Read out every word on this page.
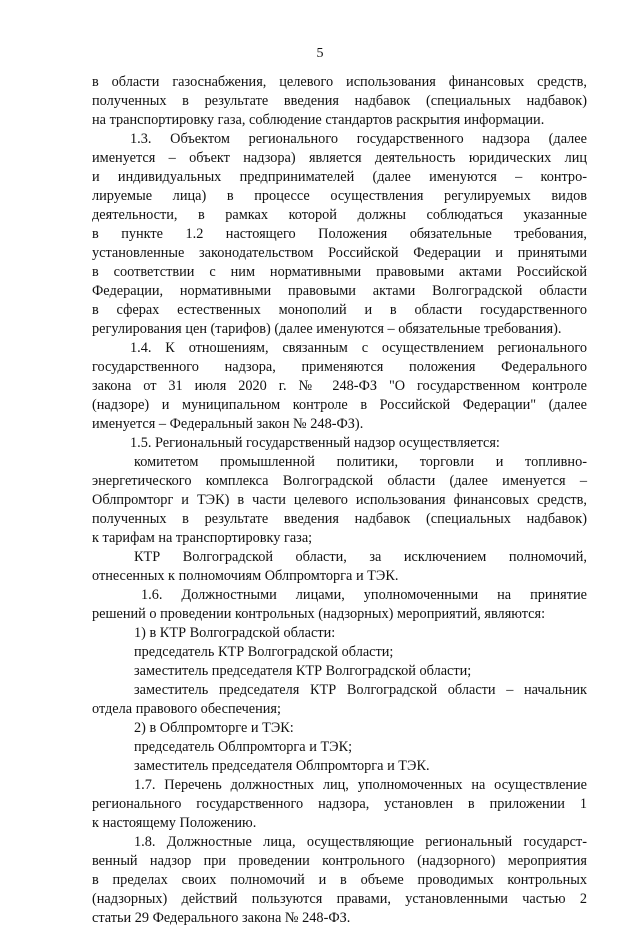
5
в области газоснабжения, целевого использования финансовых средств,
полученных в результате введения надбавок (специальных надбавок)
на транспортировку газа, соблюдение стандартов раскрытия информации.
1.3. Объектом регионального государственного надзора (далее
именуется – объект надзора) является деятельность юридических лиц
и индивидуальных предпринимателей (далее именуются – контро-
лируемые лица) в процессе осуществления регулируемых видов
деятельности, в рамках которой должны соблюдаться указанные
в пункте 1.2 настоящего Положения обязательные требования,
установленные законодательством Российской Федерации и принятыми
в соответствии с ним нормативными правовыми актами Российской
Федерации, нормативными правовыми актами Волгоградской области
в сферах естественных монополий и в области государственного
регулирования цен (тарифов) (далее именуются – обязательные требования).
1.4. К отношениям, связанным с осуществлением регионального
государственного надзора, применяются положения Федерального
закона от 31 июля 2020 г. № 248-ФЗ "О государственном контроле
(надзоре) и муниципальном контроле в Российской Федерации" (далее
именуется – Федеральный закон № 248-ФЗ).
1.5. Региональный государственный надзор осуществляется:
комитетом промышленной политики, торговли и топливно-
энергетического комплекса Волгоградской области (далее именуется –
Облпромторг и ТЭК) в части целевого использования финансовых средств,
полученных в результате введения надбавок (специальных надбавок)
к тарифам на транспортировку газа;
КТР Волгоградской области, за исключением полномочий,
отнесенных к полномочиям Облпромторга и ТЭК.
1.6. Должностными лицами, уполномоченными на принятие
решений о проведении контрольных (надзорных) мероприятий, являются:
1) в КТР Волгоградской области:
председатель КТР Волгоградской области;
заместитель председателя КТР Волгоградской области;
заместитель председателя КТР Волгоградской области – начальник
отдела правового обеспечения;
2) в Облпромторге и ТЭК:
председатель Облпромторга и ТЭК;
заместитель председателя Облпромторга и ТЭК.
1.7. Перечень должностных лиц, уполномоченных на осуществление
регионального государственного надзора, установлен в приложении 1
к настоящему Положению.
1.8. Должностные лица, осуществляющие региональный государст-
венный надзор при проведении контрольного (надзорного) мероприятия
в пределах своих полномочий и в объеме проводимых контрольных
(надзорных) действий пользуются правами, установленными частью 2
статьи 29 Федерального закона № 248-ФЗ.
